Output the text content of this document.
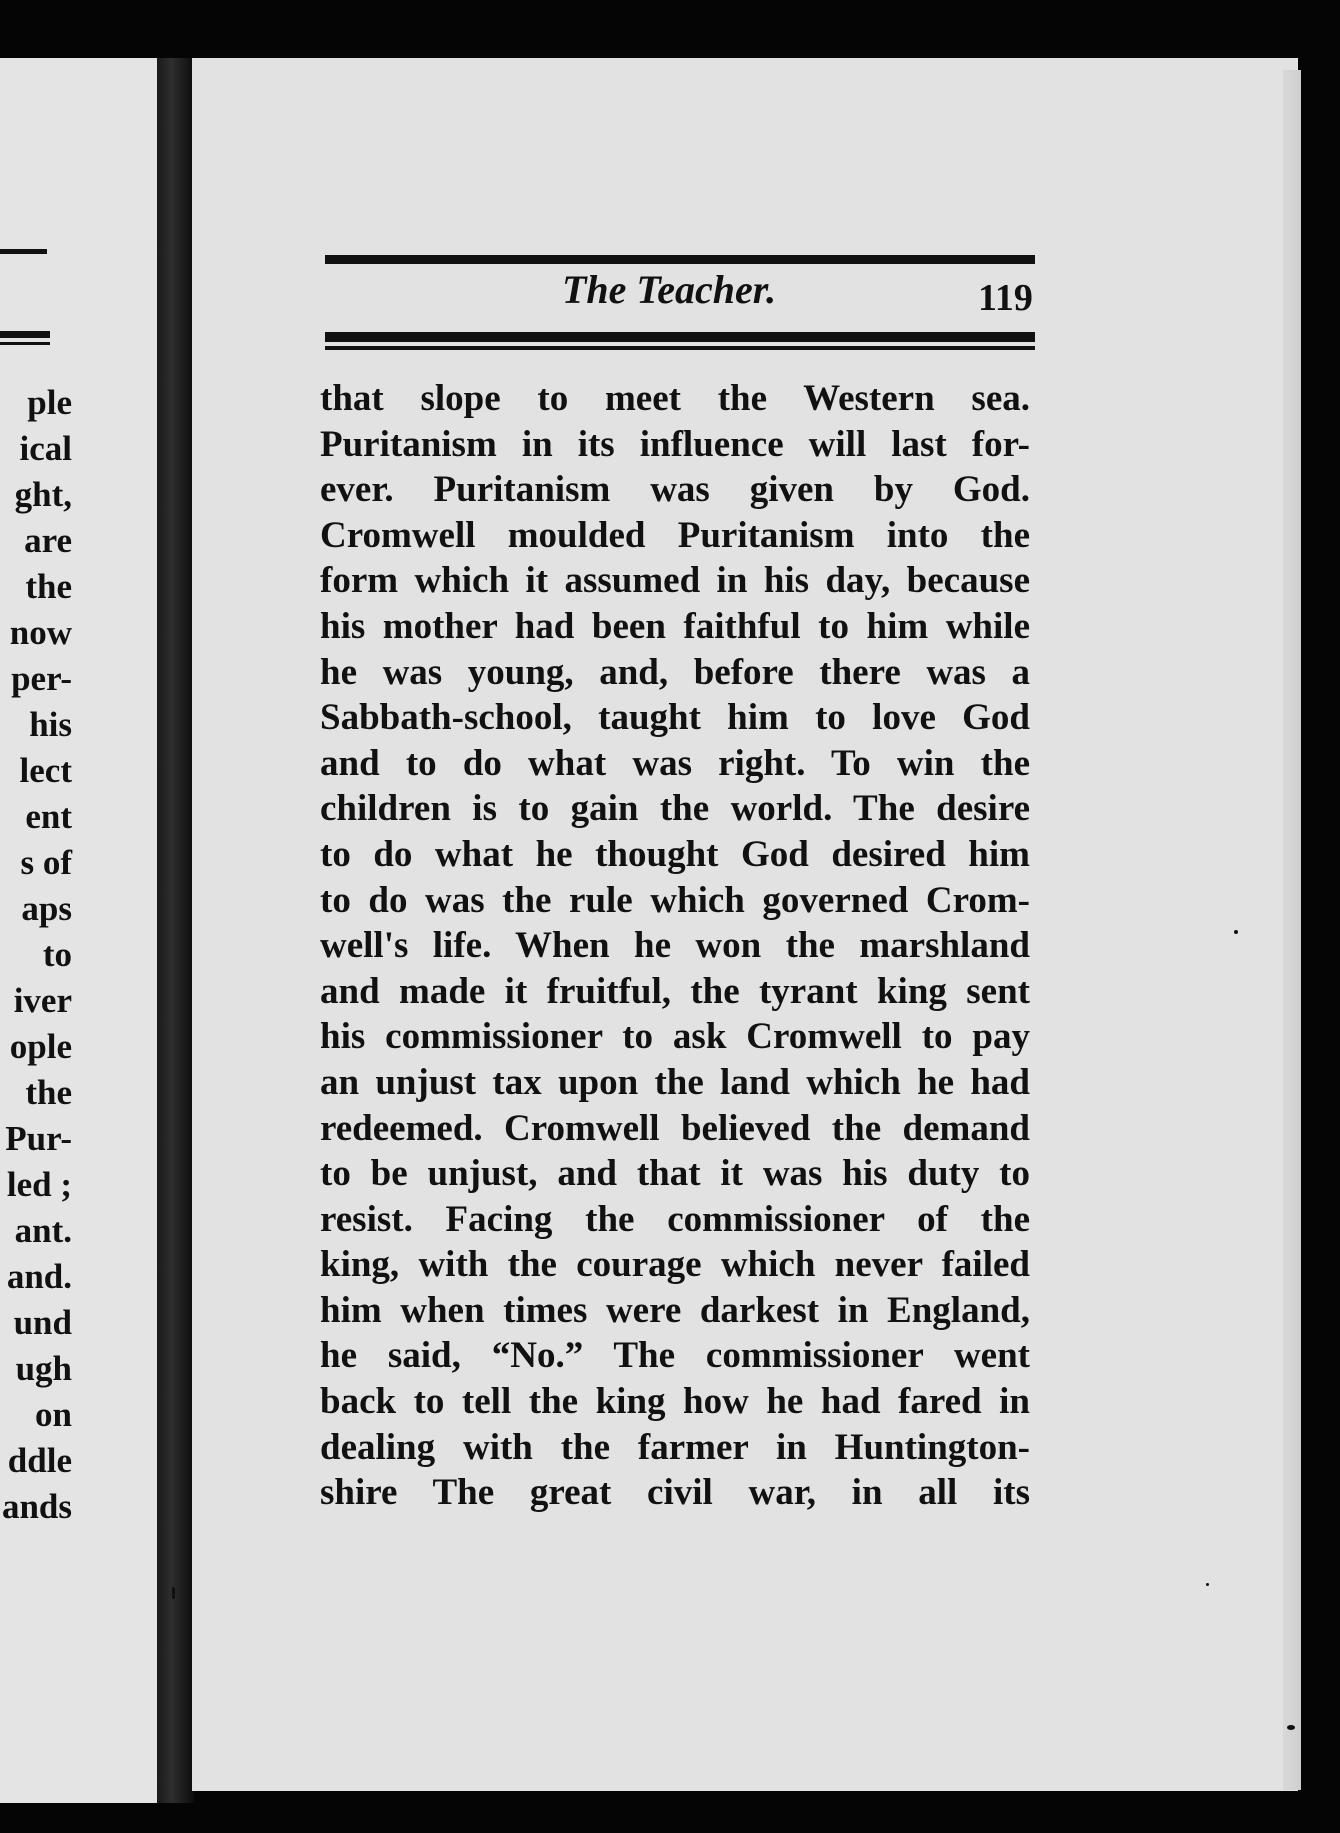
ple
ical
ght,
are
the
now
per-
his
lect
ent
s of
aps
to
iver
ople
the
Pur-
led ;
ant.
and.
und
ugh
on
ddle
ands
The Teacher.	119
that slope to meet the Western sea.
Puritanism in its influence will last for-
ever. Puritanism was given by God.
Cromwell moulded Puritanism into the
form which it assumed in his day, because
his mother had been faithful to him while
he was young, and, before there was a
Sabbath-school, taught him to love God
and to do what was right. To win the
children is to gain the world. The desire
to do what he thought God desired him
to do was the rule which governed Crom-
well's life. When he won the marshland
and made it fruitful, the tyrant king sent
his commissioner to ask Cromwell to pay
an unjust tax upon the land which he had
redeemed. Cromwell believed the demand
to be unjust, and that it was his duty to
resist. Facing the commissioner of the
king, with the courage which never failed
him when times were darkest in England,
he said, “No.” The commissioner went
back to tell the king how he had fared in
dealing with the farmer in Huntington-
shire The great civil war, in all its
